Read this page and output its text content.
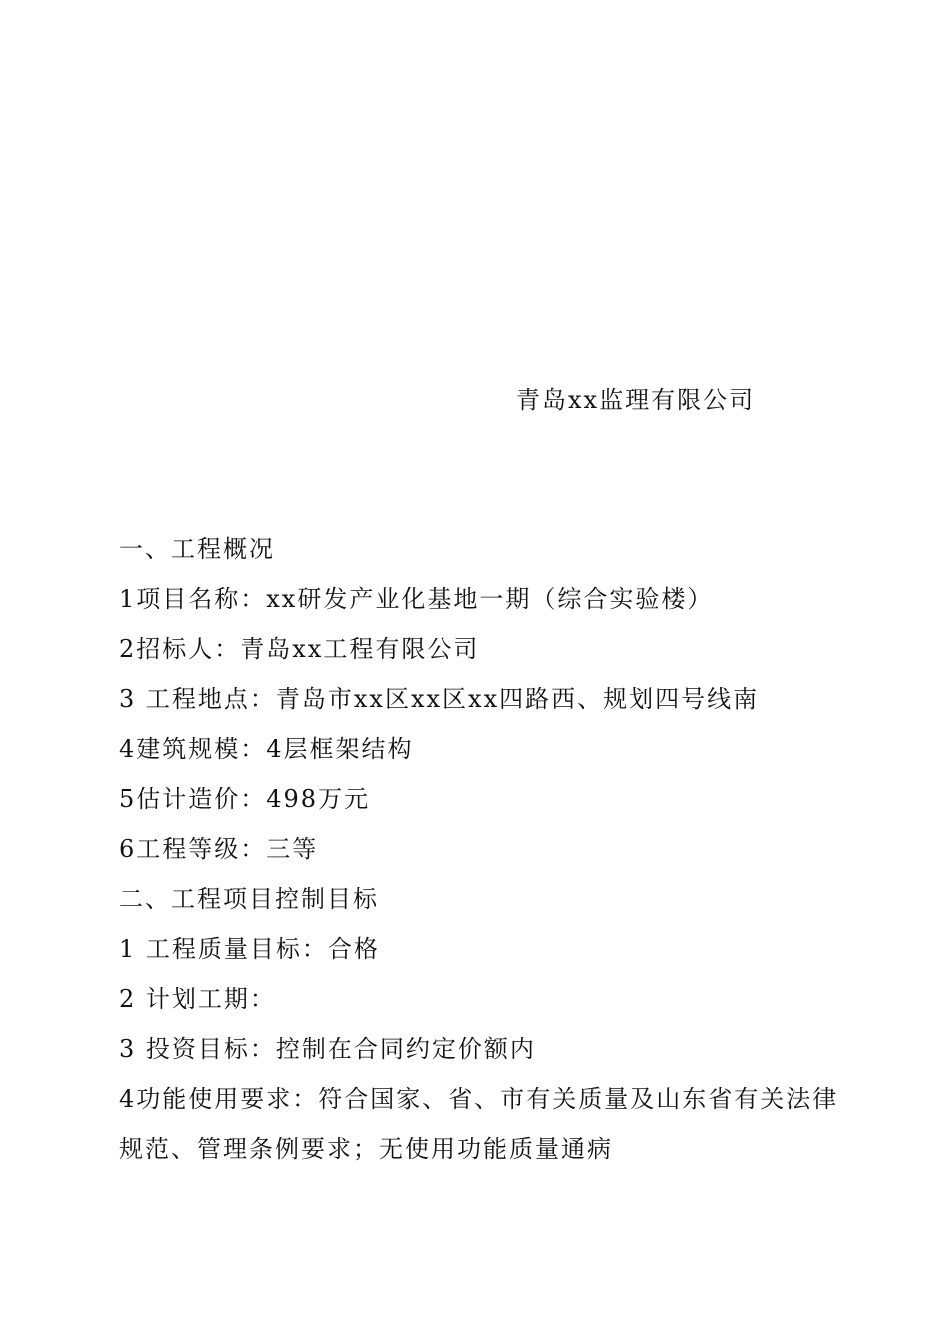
青岛xx监理有限公司
一、工程概况
1项目名称：xx研发产业化基地一期（综合实验楼）
2招标人：青岛xx工程有限公司
3 工程地点：青岛市xx区xx区xx四路西、规划四号线南
4建筑规模：4层框架结构
5估计造价：498万元
6工程等级：三等
二、工程项目控制目标
1 工程质量目标：合格
2 计划工期：
3 投资目标：控制在合同约定价额内
4功能使用要求：符合国家、省、市有关质量及山东省有关法律规范、管理条例要求；无使用功能质量通病
